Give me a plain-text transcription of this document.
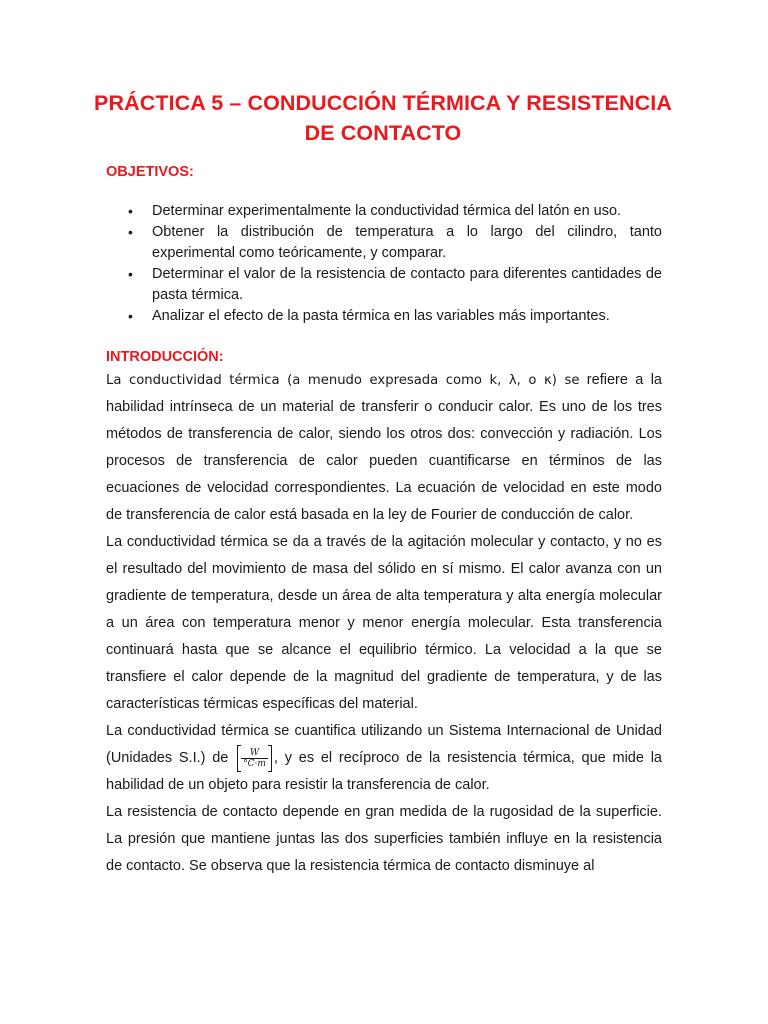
PRÁCTICA 5 – CONDUCCIÓN TÉRMICA Y RESISTENCIA
DE CONTACTO
OBJETIVOS:
• Determinar experimentalmente la conductividad térmica del latón en uso.
• Obtener la distribución de temperatura a lo largo del cilindro, tanto experimental como teóricamente, y comparar.
• Determinar el valor de la resistencia de contacto para diferentes cantidades de pasta térmica.
• Analizar el efecto de la pasta térmica en las variables más importantes.
INTRODUCCIÓN:

La conductividad térmica (a menudo expresada como k, λ, o κ) se refiere a la habilidad intrínseca de un material de transferir o conducir calor. Es uno de los tres métodos de transferencia de calor, siendo los otros dos: convección y radiación. Los procesos de transferencia de calor pueden cuantificarse en términos de las ecuaciones de velocidad correspondientes. La ecuación de velocidad en este modo de transferencia de calor está basada en la ley de Fourier de conducción de calor.

La conductividad térmica se da a través de la agitación molecular y contacto, y no es el resultado del movimiento de masa del sólido en sí mismo. El calor avanza con un gradiente de temperatura, desde un área de alta temperatura y alta energía molecular a un área con temperatura menor y menor energía molecular. Esta transferencia continuará hasta que se alcance el equilibrio térmico. La velocidad a la que se transfiere el calor depende de la magnitud del gradiente de temperatura, y de las características térmicas específicas del material.

La conductividad térmica se cuantifica utilizando un Sistema Internacional de Unidad (Unidades S.I.) de $\frac{W}{^\circ C\cdot m}$ , y es el recíproco de la resistencia térmica, que mide la habilidad de un objeto para resistir la transferencia de calor.

La resistencia de contacto depende en gran medida de la rugosidad de la superficie. La presión que mantiene juntas las dos superficies también influye en la resistencia de contacto. Se observa que la resistencia térmica de contacto disminuye al
